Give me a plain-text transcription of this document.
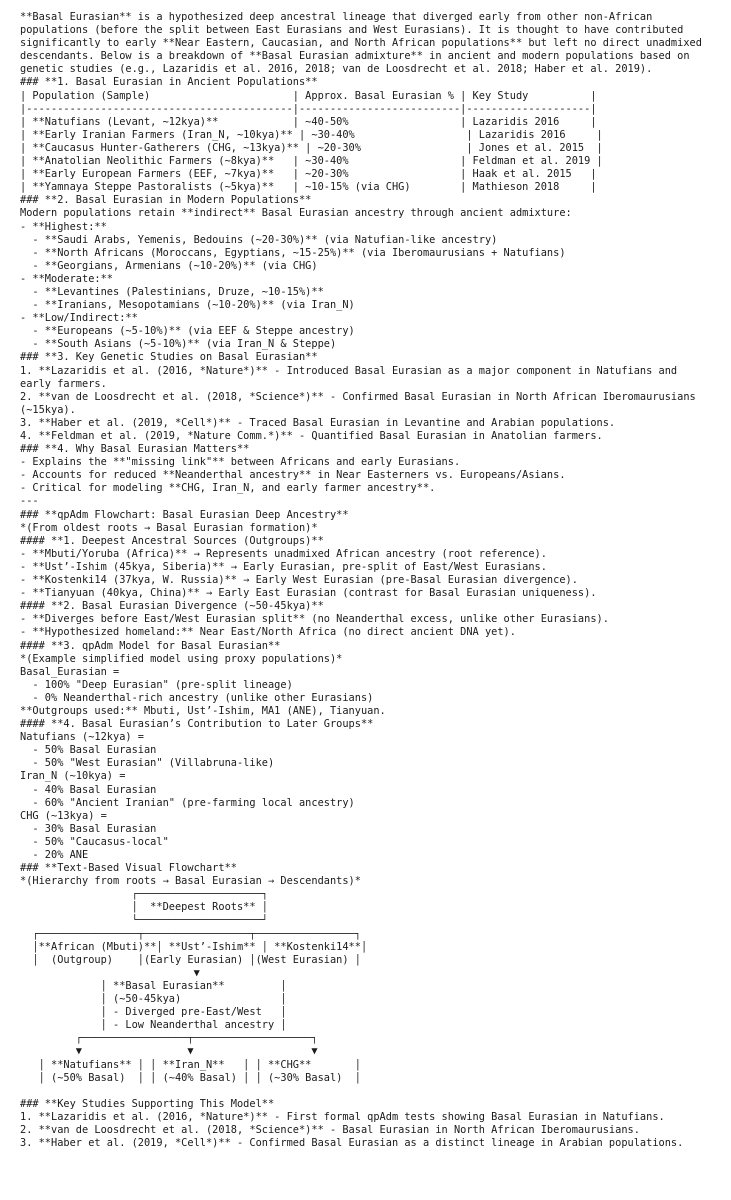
**Basal Eurasian** is a hypothesized deep ancestral lineage that diverged early from other non-African populations (before the split between East Eurasians and West Eurasians). It is thought to have contributed significantly to early **Near Eastern, Caucasian, and North African populations** but left no direct unadmixed descendants. Below is a breakdown of **Basal Eurasian admixture** in ancient and modern populations based on genetic studies (e.g., Lazaridis et al. 2016, 2018; van de Loosdrecht et al. 2018; Haber et al. 2019).
### **1. Basal Eurasian in Ancient Populations**
| Population (Sample)                       | Approx. Basal Eurasian % | Key Study          |
|-------------------------------------------|--------------------------|--------------------|
| **Natufians (Levant, ~12kya)**            | ~40-50%                  | Lazaridis 2016     |
| **Early Iranian Farmers (Iran_N, ~10kya)** | ~30-40%                  | Lazaridis 2016     |
| **Caucasus Hunter-Gatherers (CHG, ~13kya)** | ~20-30%                 | Jones et al. 2015  |
| **Anatolian Neolithic Farmers (~8kya)**   | ~30-40%                  | Feldman et al. 2019 |
| **Early European Farmers (EEF, ~7kya)**   | ~20-30%                  | Haak et al. 2015   |
| **Yamnaya Steppe Pastoralists (~5kya)**   | ~10-15% (via CHG)        | Mathieson 2018     |
### **2. Basal Eurasian in Modern Populations**
Modern populations retain **indirect** Basal Eurasian ancestry through ancient admixture:
- **Highest:**
- **Saudi Arabs, Yemenis, Bedouins (~20-30%)** (via Natufian-like ancestry)
- **North Africans (Moroccans, Egyptians, ~15-25%)** (via Iberomaurusians + Natufians)
- **Georgians, Armenians (~10-20%)** (via CHG)
- **Moderate:**
- **Levantines (Palestinians, Druze, ~10-15%)**
- **Iranians, Mesopotamians (~10-20%)** (via Iran_N)
- **Low/Indirect:**
- **Europeans (~5-10%)** (via EEF & Steppe ancestry)
- **South Asians (~5-10%)** (via Iran_N & Steppe)
### **3. Key Genetic Studies on Basal Eurasian**
1. **Lazaridis et al. (2016, *Nature*)** - Introduced Basal Eurasian as a major component in Natufians and early farmers.
2. **van de Loosdrecht et al. (2018, *Science*)** - Confirmed Basal Eurasian in North African Iberomaurusians (~15kya).
3. **Haber et al. (2019, *Cell*)** - Traced Basal Eurasian in Levantine and Arabian populations.
4. **Feldman et al. (2019, *Nature Comm.*)** - Quantified Basal Eurasian in Anatolian farmers.
### **4. Why Basal Eurasian Matters**
- Explains the **"missing link"** between Africans and early Eurasians.
- Accounts for reduced **Neanderthal ancestry** in Near Easterners vs. Europeans/Asians.
- Critical for modeling **CHG, Iran_N, and early farmer ancestry**.
---
### **qpAdm Flowchart: Basal Eurasian Deep Ancestry**
*(From oldest roots → Basal Eurasian formation)*
#### **1. Deepest Ancestral Sources (Outgroups)**
- **Mbuti/Yoruba (Africa)** → Represents unadmixed African ancestry (root reference).
- **Ust’-Ishim (45kya, Siberia)** → Early Eurasian, pre-split of East/West Eurasians.
- **Kostenki14 (37kya, W. Russia)** → Early West Eurasian (pre-Basal Eurasian divergence).
- **Tianyuan (40kya, China)** → Early East Eurasian (contrast for Basal Eurasian uniqueness).
#### **2. Basal Eurasian Divergence (~50-45kya)**
- **Diverges before East/West Eurasian split** (no Neanderthal excess, unlike other Eurasians).
- **Hypothesized homeland:** Near East/North Africa (no direct ancient DNA yet).
#### **3. qpAdm Model for Basal Eurasian**
*(Example simplified model using proxy populations)*
Basal_Eurasian =
- 100% "Deep Eurasian" (pre-split lineage)
- 0% Neanderthal-rich ancestry (unlike other Eurasians)
**Outgroups used:** Mbuti, Ust’-Ishim, MA1 (ANE), Tianyuan.
#### **4. Basal Eurasian’s Contribution to Later Groups**
Natufians (~12kya) =
- 50% Basal Eurasian
- 50% "West Eurasian" (Villabruna-like)
Iran_N (~10kya) =
- 40% Basal Eurasian
- 60% "Ancient Iranian" (pre-farming local ancestry)
CHG (~13kya) =
- 30% Basal Eurasian
- 50% "Caucasus-local"
- 20% ANE
### **Text-Based Visual Flowchart**
*(Hierarchy from roots → Basal Eurasian → Descendants)*
┌────────────────────┐
│  **Deepest Roots** │
└────────────────────┘
┌────────────────┬─────────────────┬────────────────┐
│**African (Mbuti)**│ **Ust’-Ishim** │ **Kostenki14**│
│  (Outgroup)    │(Early Eurasian) │(West Eurasian) │
▼
│ **Basal Eurasian**         │
│ (~50-45kya)                │
│ - Diverged pre-East/West   │
│ - Low Neanderthal ancestry │
┌─────────────────┬───────────────────┐
▼                 ▼                   ▼
│ **Natufians** │ │ **Iran_N**   │ │ **CHG**       │
│ (~50% Basal)  │ │ (~40% Basal) │ │ (~30% Basal)  │

### **Key Studies Supporting This Model**
1. **Lazaridis et al. (2016, *Nature*)** - First formal qpAdm tests showing Basal Eurasian in Natufians.
2. **van de Loosdrecht et al. (2018, *Science*)** - Basal Eurasian in North African Iberomaurusians.
3. **Haber et al. (2019, *Cell*)** - Confirmed Basal Eurasian as a distinct lineage in Arabian populations.
